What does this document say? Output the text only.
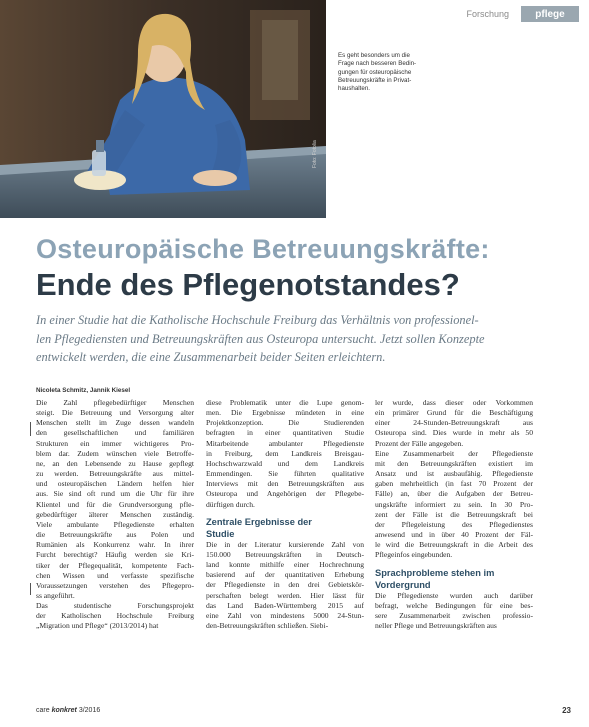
Forschung	pflege
Foto: Fotolia
Es geht besonders um die
Frage nach besseren Bedin-
gungen für osteuropäische
Betreuungskräfte in Privat-
haushalten.
Osteuropäische Betreuungskräfte:
Ende des Pflegenotstandes?
In einer Studie hat die Katholische Hochschule Freiburg das Verhältnis von professionel-
len Pflegediensten und Betreuungskräften aus Osteuropa untersucht. Jetzt sollen Konzepte
entwickelt werden, die eine Zusammenarbeit beider Seiten erleichtern.
Nicoleta Schmitz, Jannik Kiesel
Die Zahl pflegebedürftiger Menschen
steigt. Die Betreuung und Versorgung alter
Menschen stellt im Zuge dessen wandeln
den gesellschaftlichen und familiären
Strukturen ein immer wichtigeres Pro-
blem dar. Zudem wünschen viele Betroffe-
ne, an den Lebensende zu Hause gepflegt
zu werden. Betreuungskräfte aus mittel-
und osteuropäischen Ländern helfen hier
aus. Sie sind oft rund um die Uhr für ihre
Klientel und für die Grundversorgung pfle-
gebedürftiger älterer Menschen zuständig.
Viele ambulante Pflegedienste erhalten
die Betreuungskräfte aus Polen und
Rumänien als Konkurrenz wahr. In ihrer
Furcht berechtigt? Häufig werden sie Kri-
tiker der Pflegequalität, kompetente Fach-
chen Wissen und verfasste spezifische
Voraussetzungen verstehen des Pflegepro-
ss angeführt.
Das studentische Forschungsprojekt
der Katholischen Hochschule Freiburg
„Migration und Pflege“ (2013/2014) hat
diese Problematik unter die Lupe genom-
men. Die Ergebnisse mündeten in eine
Projektkonzeption. Die Studierenden
befragten in einer quantitativen Studie
Mitarbeitende ambulanter Pflegedienste
in Freiburg, dem Landkreis Breisgau-
Hochschwarzwald und dem Landkreis
Emmendingen. Sie führten qualitative
Interviews mit den Betreuungskräften aus
Osteuropa und Angehörigen der Pflegebe-
dürftigen durch.
Zentrale Ergebnisse der
Studie
Die in der Literatur kursierende Zahl von
150.000 Betreuungskräften in Deutsch-
land konnte mithilfe einer Hochrechnung
basierend auf der quantitativen Erhebung
der Pflegedienste in den drei Gebietskör-
perschaften belegt werden. Hier lässt für
das Land Baden-Württemberg 2015 auf
eine Zahl von mindestens 5000 24-Stun-
den-Betreuungskräften schließen. Siebi-
ler wurde, dass dieser oder Vorkommen
ein primärer Grund für die Beschäftigung
einer 24-Stunden-Betreuungskraft aus
Osteuropa sind. Dies wurde in mehr als 50
Prozent der Fälle angegeben.
Eine Zusammenarbeit der Pflegedienste
mit den Betreuungskräften existiert im
Ansatz und ist ausbaufähig. Pflegedienste
gaben mehrheitlich (in fast 70 Prozent der
Fälle) an, über die Aufgaben der Betreu-
ungskräfte informiert zu sein. In 30 Pro-
zent der Fälle ist die Betreuungskraft bei
der Pflegeleistung des Pflegedienstes
anwesend und in über 40 Prozent der Fäl-
le wird die Betreuungskraft in die Arbeit des
Pflegeinfos eingebunden.
Sprachprobleme stehen im
Vordergrund
Die Pflegedienste wurden auch darüber
befragt, welche Bedingungen für eine bes-
sere Zusammenarbeit zwischen professio-
neller Pflege und Betreuungskräften aus
care konkret 3/2016	23
